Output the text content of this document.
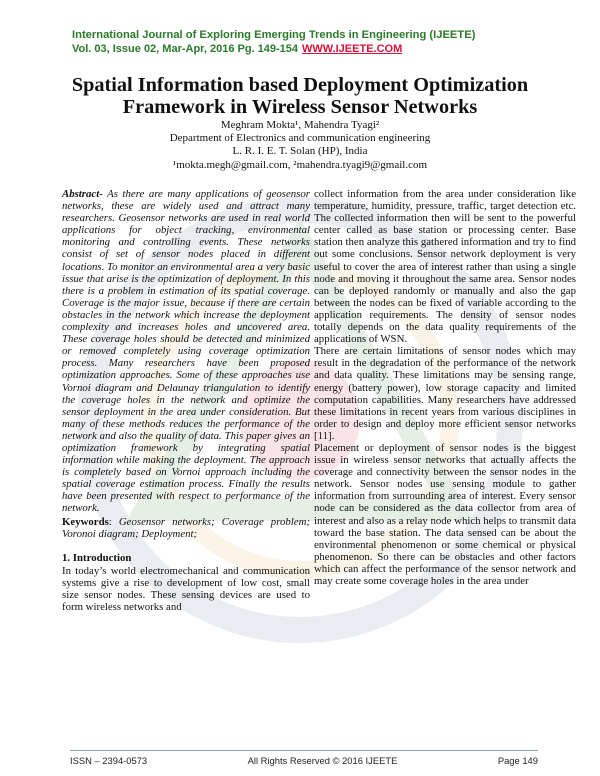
International Journal of Exploring Emerging Trends in Engineering (IJEETE)
Vol. 03, Issue 02, Mar-Apr, 2016 Pg. 149-154 WWW.IJEETE.COM
Spatial Information based Deployment Optimization
Framework in Wireless Sensor Networks
Meghram Mokta¹, Mahendra Tyagi²
Department of Electronics and communication engineering
L. R. I. E. T. Solan (HP), India
¹mokta.megh@gmail.com, ²mahendra.tyagi9@gmail.com

Abstract- As there are many applications of geosensor networks, these are widely used and attract many researchers. Geosensor networks are used in real world applications for object tracking, environmental monitoring and controlling events. These networks consist of set of sensor nodes placed in different locations. To monitor an environmental area a very basic issue that arise is the optimization of deployment. In this there is a problem in estimation of its spatial coverage. Coverage is the major issue, because if there are certain obstacles in the network which increase the deployment complexity and increases holes and uncovered area. These coverage holes should be detected and minimized or removed completely using coverage optimization process. Many researchers have been proposed optimization approaches. Some of these approaches use Vornoi diagram and Delaunay triangulation to identify the coverage holes in the network and optimize the sensor deployment in the area under consideration. But many of these methods reduces the performance of the network and also the quality of data. This paper gives an optimization framework by integrating spatial information while making the deployment. The approach is completely based on Vornoi approach including the spatial coverage estimation process. Finally the results have been presented with respect to performance of the network.

Keywords: Geosensor networks; Coverage problem; Voronoi diagram; Deployment;

1. Introduction

In today’s world electromechanical and communication systems give a rise to development of low cost, small size sensor nodes. These sensing devices are used to form wireless networks and

collect information from the area under consideration like temperature, humidity, pressure, traffic, target detection etc. The collected information then will be sent to the powerful center called as base station or processing center. Base station then analyze this gathered information and try to find out some conclusions. Sensor network deployment is very useful to cover the area of interest rather than using a single node and moving it throughout the same area. Sensor nodes can be deployed randomly or manually and also the gap between the nodes can be fixed of variable according to the application requirements. The density of sensor nodes totally depends on the data quality requirements of the applications of WSN.

There are certain limitations of sensor nodes which may result in the degradation of the performance of the network and data quality. These limitations may be sensing range, energy (battery power), low storage capacity and limited computation capabilities. Many researchers have addressed these limitations in recent years from various disciplines in order to design and deploy more efficient sensor networks [11].

Placement or deployment of sensor nodes is the biggest issue in wireless sensor networks that actually affects the coverage and connectivity between the sensor nodes in the network. Sensor nodes use sensing module to gather information from surrounding area of interest. Every sensor node can be considered as the data collector from area of interest and also as a relay node which helps to transmit data toward the base station. The data sensed can be about the environmental phenomenon or some chemical or physical phenomenon. So there can be obstacles and other factors which can affect the performance of the sensor network and may create some coverage holes in the area under

ISSN – 2394-0573	All Rights Reserved © 2016 IJEETE	Page 149
